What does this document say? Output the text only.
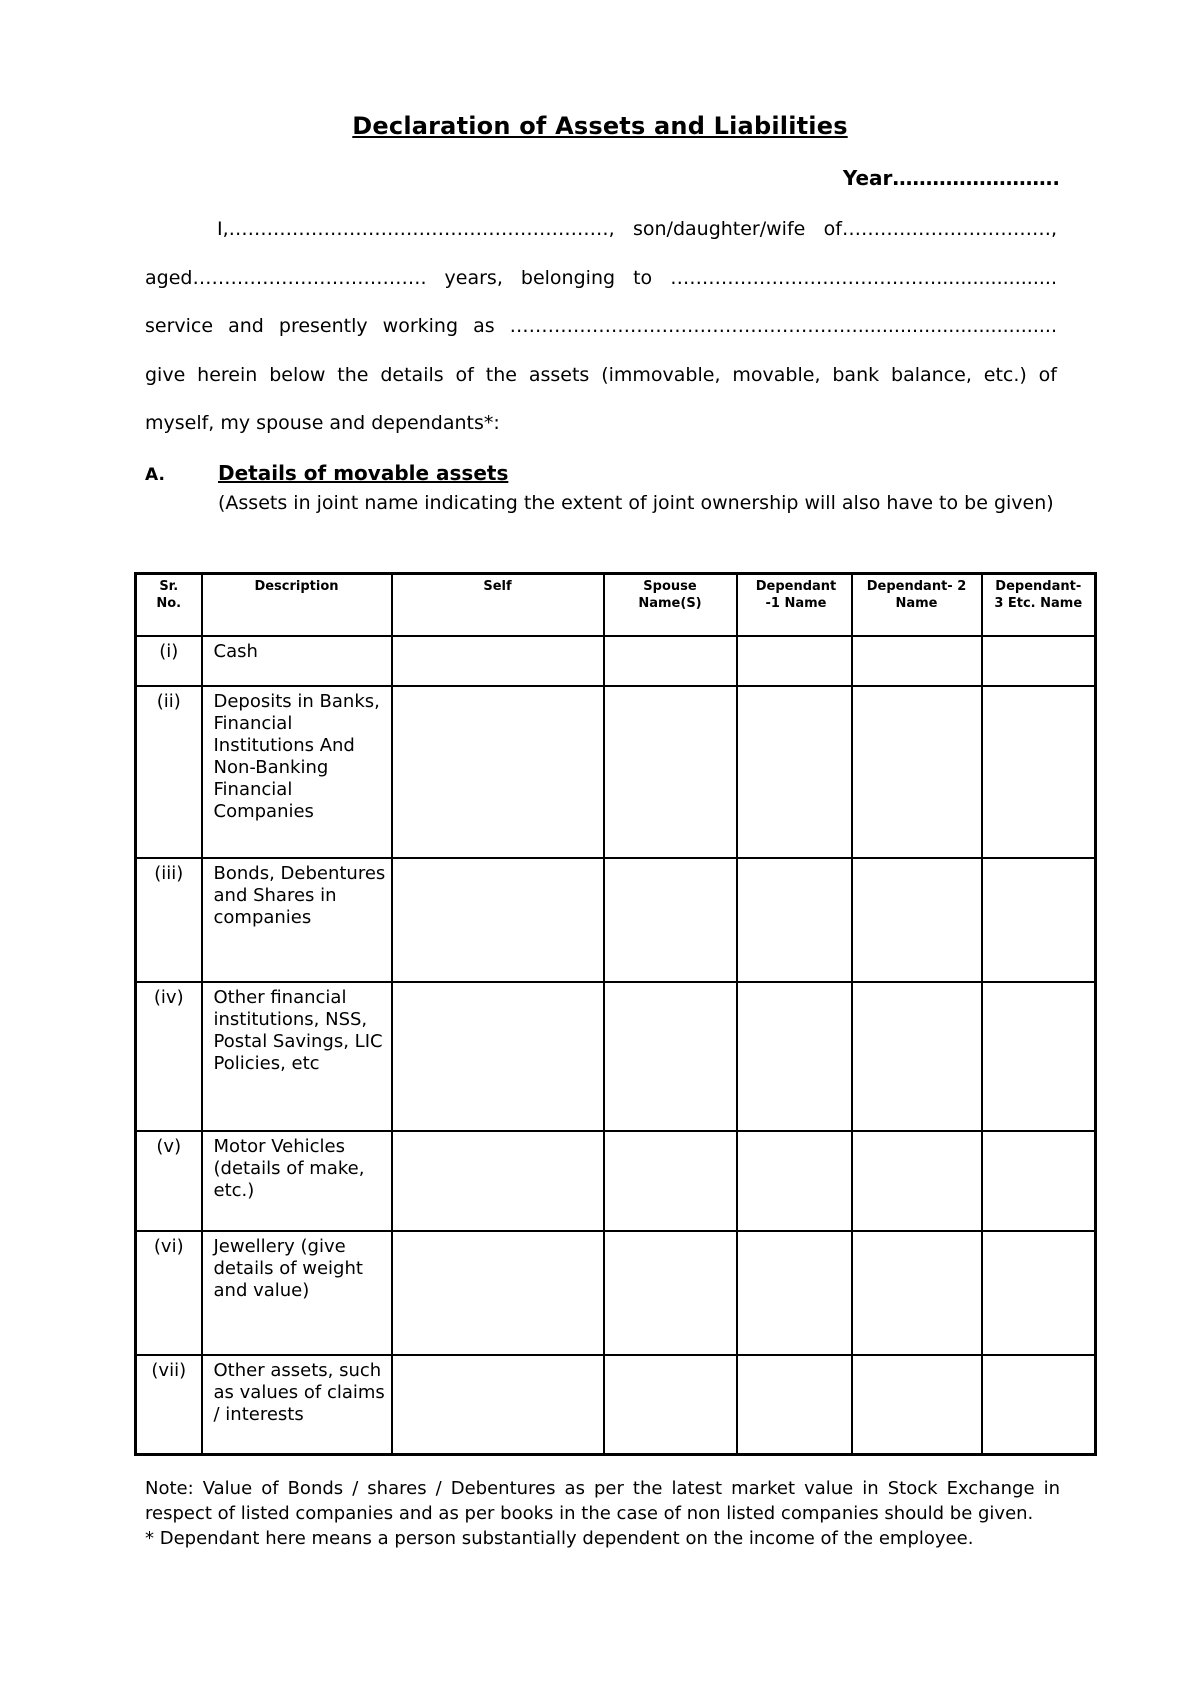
Declaration of Assets and Liabilities
Year…………………….
I,……………………………………………………, son/daughter/wife of……………………………,
aged………………………………. years, belonging to ……………………………………....................
service and presently working as ………………………………………………..................................
give herein below the details of the assets (immovable, movable, bank balance, etc.) of
myself, my spouse and dependants*:
A.	Details of movable assets
(Assets in joint name indicating the extent of joint ownership will also have to be given)
Sr. No.	Description	Self	Spouse Name(S)	Dependant-1 Name	Dependant- 2 Name	Dependant-3 Etc. Name
(i)	Cash					
(ii)	Deposits in Banks, Financial Institutions And Non-Banking Financial Companies					
(iii)	Bonds, Debentures and Shares in companies					
(iv)	Other financial institutions, NSS, Postal Savings, LIC Policies, etc					
(v)	Motor Vehicles (details of make, etc.)					
(vi)	Jewellery (give details of weight and value)					
(vii)	Other assets, such as values of claims / interests					

Note: Value of Bonds / shares / Debentures as per the latest market value in Stock Exchange in respect of listed companies and as per books in the case of non listed companies should be given.

* Dependant here means a person substantially dependent on the income of the employee.
